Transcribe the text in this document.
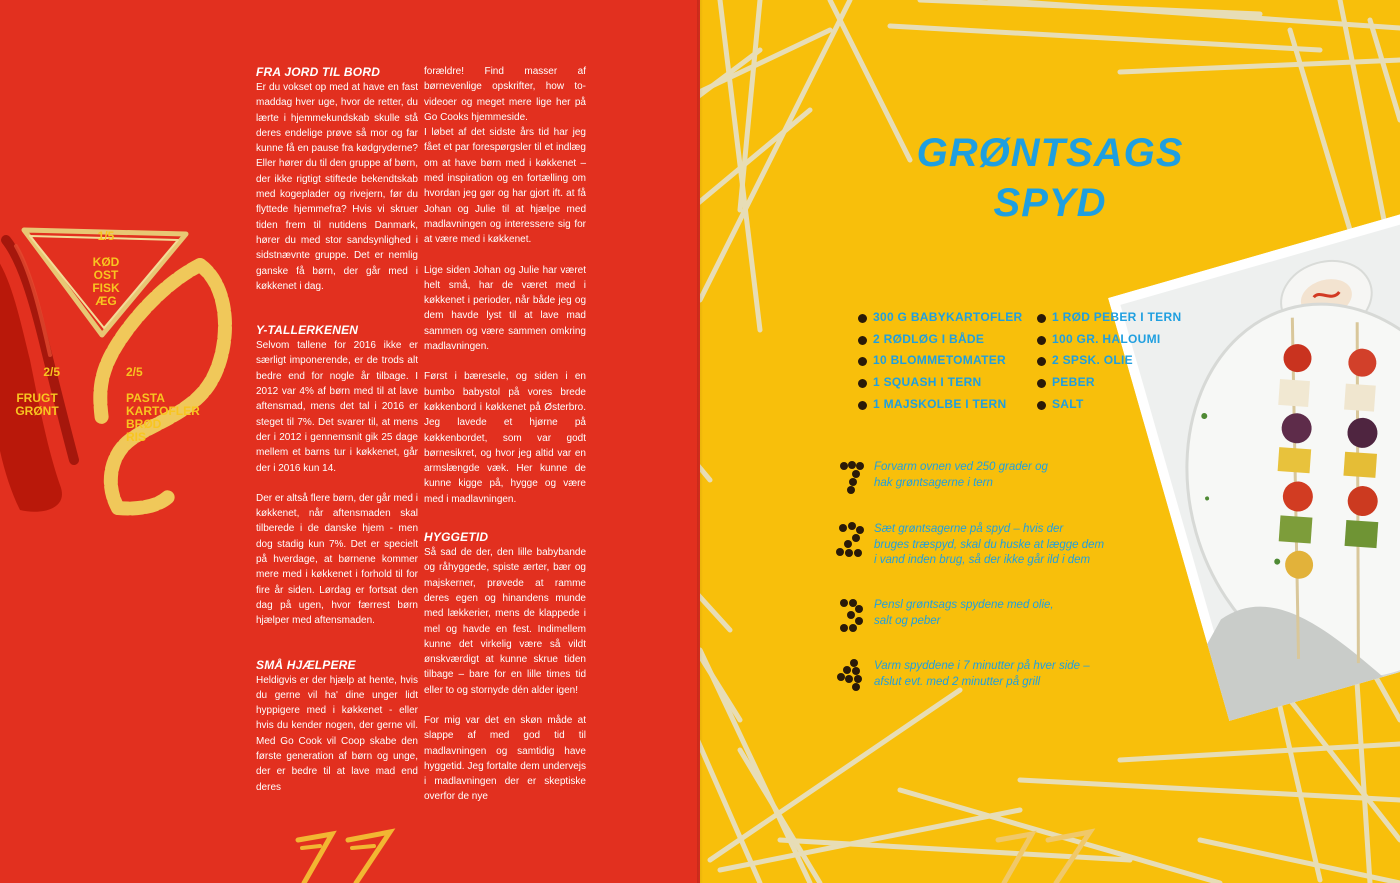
1/5
KØD
OST
FISK
ÆG
2/5
FRUGT
GRØNT
2/5
PASTA
KARTOFLER
BRØD
RIS
FRA JORD TIL BORD

Er du vokset op med at have en fast maddag hver uge, hvor de retter, du lærte i hjemmekundskab skulle stå deres endelige prøve så mor og far kunne få en pause fra kødgryderne? Eller hører du til den gruppe af børn, der ikke rigtigt stiftede bekendtskab med kogeplader og rivejern, før du flyttede hjemmefra? Hvis vi skruer tiden frem til nutidens Danmark, hører du med stor sandsynlighed i sidstnævnte gruppe. Det er nemlig ganske få børn, der går med i køkkenet i dag.

Y-TALLERKENEN

Selvom tallene for 2016 ikke er særligt imponerende, er de trods alt bedre end for nogle år tilbage. I 2012 var 4% af børn med til at lave aftensmad, mens det tal i 2016 er steget til 7%. Det svarer til, at mens der i 2012 i gennemsnit gik 25 dage mellem et barns tur i køkkenet, går der i 2016 kun 14.

Der er altså flere børn, der går med i køkkenet, når aftensmaden skal tilberede i de danske hjem - men dog stadig kun 7%. Det er specielt på hverdage, at børnene kommer mere med i køkkenet i forhold til for fire år siden. Lørdag er fortsat den dag på ugen, hvor færrest børn hjælper med aftensmaden.

SMÅ HJÆLPERE

Heldigvis er der hjælp at hente, hvis du gerne vil ha' dine unger lidt hyppigere med i køkkenet - eller hvis du kender nogen, der gerne vil. Med Go Cook vil Coop skabe den første generation af børn og unge, der er bedre til at lave mad end deres

forældre! Find masser af børnevenlige opskrifter, how to-videoer og meget mere lige her på Go Cooks hjemmeside.

I løbet af det sidste års tid har jeg fået et par forespørgsler til et indlæg om at have børn med i køkkenet – med inspiration og en fortælling om hvordan jeg gør og har gjort ift. at få Johan og Julie til at hjælpe med madlavningen og interessere sig for at være med i køkkenet.

Lige siden Johan og Julie har været helt små, har de været med i køkkenet i perioder, når både jeg og dem havde lyst til at lave mad sammen og være sammen omkring madlavningen.

Først i bæresele, og siden i en bumbo babystol på vores brede køkkenbord i køkkenet på Østerbro. Jeg lavede et hjørne på køkkenbordet, som var godt børnesikret, og hvor jeg altid var en armslængde væk. Her kunne de kunne kigge på, hygge og være med i madlavningen.

HYGGETID

Så sad de der, den lille babybande og råhyggede, spiste ærter, bær og majskerner, prøvede at ramme deres egen og hinandens munde med lækkerier, mens de klappede i mel og havde en fest. Indimellem kunne det virkelig være så vildt ønskværdigt at kunne skrue tiden tilbage – bare for en lille times tid eller to og stornyde dén alder igen!

For mig var det en skøn måde at slappe af med god tid til madlavningen og samtidig have hyggetid. Jeg fortalte dem undervejs i madlavningen der er skeptiske overfor de nye

GRØNTSAGS
SPYD
300 G BABYKARTOFLER
2 RØDLØG I BÅDE
10 BLOMMETOMATER
1 SQUASH I TERN
1 MAJSKOLBE I TERN
1 RØD PEBER I TERN
100 GR. HALOUMI
2 SPSK. OLIE
PEBER
SALT
Forvarm ovnen ved 250 grader og
hak grøntsagerne i tern
Sæt grøntsagerne på spyd – hvis der
bruges træspyd, skal du huske at lægge dem
i vand inden brug, så der ikke går ild i dem
Pensl grøntsags spydene med olie,
salt og peber
Varm spyddene i 7 minutter på hver side –
afslut evt. med 2 minutter på grill
